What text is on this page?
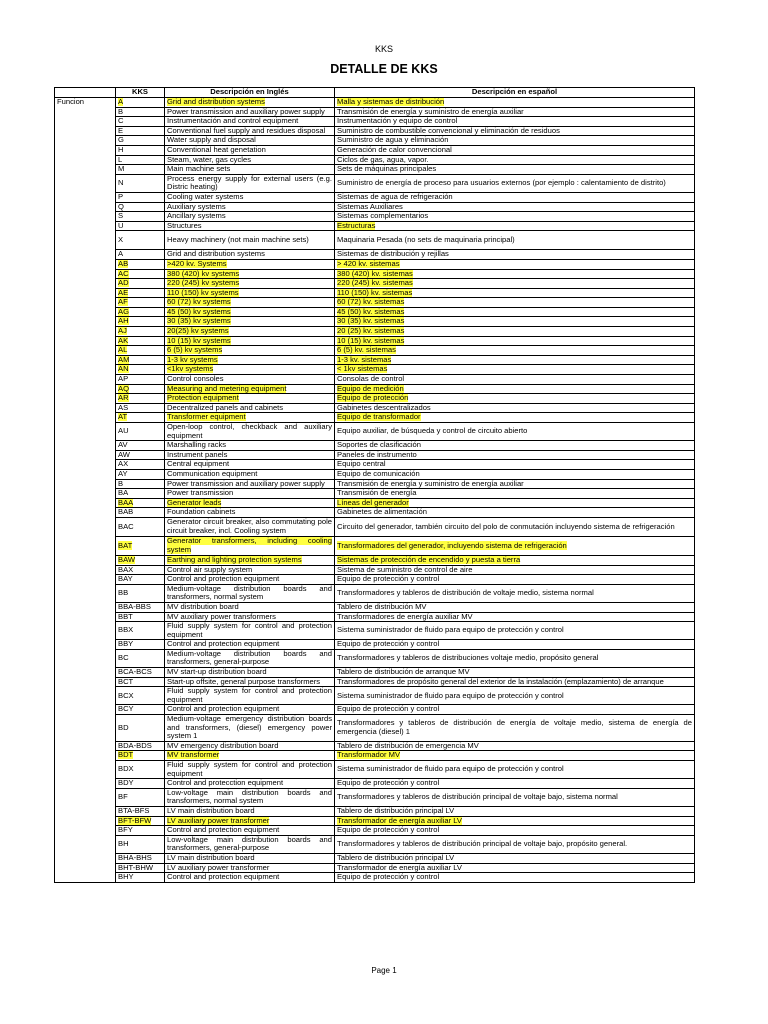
KKS
DETALLE DE KKS
	KKS	Descripción en Inglés	Descripción en español
Funcion	A	Grid and distribution systems	Malla y sistemas de distribución
	B	Power transmission and auxiliary power supply	Transmisión de energía y suministro de energía auxiliar
	C	Instrumentación and control equipment	Instrumentación y equipo de control
	E	Conventional fuel supply and residues disposal	Suministro de combustible convencional y eliminación de residuos
	G	Water supply and disposal	Suministro de agua y eliminación
	H	Conventional heat genetation	Generación de calor convencional
	L	Steam, water, gas cycles	Ciclos de gas, agua, vapor.
	M	Main machine sets	Sets de máquinas principales
	N	Process energy supply for external users (e.g. Distric heating)	Suministro de energía de proceso para usuarios externos (por ejemplo : calentamiento de distrito)
	P	Cooling water systems	Sistemas de agua de refrigeración
	Q	Auxiliary systems	Sistemas Auxiliares
	S	Ancillary systems	Sistemas complementarios
	U	Structures	Estructuras
	X	Heavy machinery (not main machine sets)	Maquinaria Pesada (no sets de maquinaria principal)
	A	Grid and distribution systems	Sistemas de distribución y rejillas
	AB	>420 kv. Systems	> 420 kv. sistemas
	AC	380 (420) kv systems	380 (420) kv. sistemas
	AD	220 (245) kv systems	220 (245) kv. sistemas
	AE	110 (150) kv systems	110 (150) kv. sistemas
	AF	60 (72) kv systems	60 (72) kv. sistemas
	AG	45 (50) kv systems	45 (50) kv. sistemas
	AH	30 (35) kv systems	30 (35) kv. sistemas
	AJ	20(25) kv systems	20 (25) kv. sistemas
	AK	10 (15) kv systems	10 (15) kv. sistemas
	AL	6 (5) kv systems	6 (5) kv. sistemas
	AM	1-3 kv systems	1-3 kv. sistemas
	AN	<1kv systems	< 1kv sistemas
	AP	Control consoles	Consolas de control
	AQ	Measuring and metering equipment	Equipo de medición
	AR	Protection equipment	Equipo de protección
	AS	Decentralized panels and cabinets	Gabinetes descentralizados
	AT	Transformer equipment	Equipo de transformador
	AU	Open-loop control, checkback and auxiliary equipment	Equipo auxiliar, de búsqueda y control de circuito abierto
	AV	Marshalling racks	Soportes de clasificación
	AW	Instrument panels	Paneles de instrumento
	AX	Central equipment	Equipo central
	AY	Communication equipment	Equipo de comunicación
	B	Power transmission and auxiliary power supply	Transmisión de energía y suministro de energía auxiliar
	BA	Power transmission	Transmisión de energía
	BAA	Generator leads	Líneas del generador
	BAB	Foundation cabinets	Gabinetes de alimentación
	BAC	Generator circuit breaker, also commutating pole circuit breaker, incl. Cooling system	Circuito del generador, también circuito del polo de conmutación incluyendo sistema de refrigeración
	BAT	Generator transformers, including cooling system	Transformadores del generador, incluyendo sistema de refrigeración
	BAW	Earthing and lighting protection systems	Sistemas de protección de encendido y puesta a tierra
	BAX	Control air supply system	Sistema de suministro de control de aire
	BAY	Control and protection equipment	Equipo de protección y control
	BB	Medium-voltage distribution boards and transformers, normal system	Transformadores y tableros de distribución de voltaje medio, sistema normal
	BBA-BBS	MV distribution board	Tablero de distribución MV
	BBT	MV auxiliary power transformers	Transformadores de energía auxiliar MV
	BBX	Fluid supply system for control and protection equipment	Sistema suministrador de fluido para equipo de protección y control
	BBY	Control and protection equipment	Equipo de protección y control
	BC	Medium-voltage distribution boards and transformers, general-purpose	Transformadores y tableros de distribuciones voltaje medio, propósito general
	BCA-BCS	MV start-up distribution board	Tablero de distribución de arranque MV
	BCT	Start-up offsite, general purpose transformers	Transformadores de propósito general del exterior de la instalación (emplazamiento) de arranque
	BCX	Fluid supply system for control and protection equipment	Sistema suministrador de fluido para equipo de protección y control
	BCY	Control and protection equipment	Equipo de protección y control
	BD	Medium-voltage emergency distribution boards and transformers, (diesel) emergency power system 1	Transformadores y tableros de distribución de energía de voltaje medio, sistema de energía de emergencia (diesel) 1
	BDA-BDS	MV emergency distribution board	Tablero de distribución de emergencia MV
	BDT	MV transformer	Transformador MV
	BDX	Fluid supply system for control and protection equipment	Sistema suministrador de fluido para equipo de protección y control
	BDY	Control and protecction equipment	Equipo de protección y control
	BF	Low-voltage main distribution boards and transformers, normal system	Transformadores y tableros de distribución principal de voltaje bajo, sistema normal
	BTA-BFS	LV main distribution board	Tablero de distribución principal LV
	BFT-BFW	LV auxiliary power transformer	Transformador de energía auxiliar LV
	BFY	Control and protection equipment	Equipo de protección y control
	BH	Low-voltage main distribution boards and transformers, general-purpose	Transformadores y tableros de distribución principal de voltaje bajo, propósito general.
	BHA-BHS	LV main distribution board	Tablero de distribución principal LV
	BHT-BHW	LV auxiliary power transformer	Transformador de energía auxiliar LV
	BHY	Control and protection equipment	Equipo de protección y control
Page 1
